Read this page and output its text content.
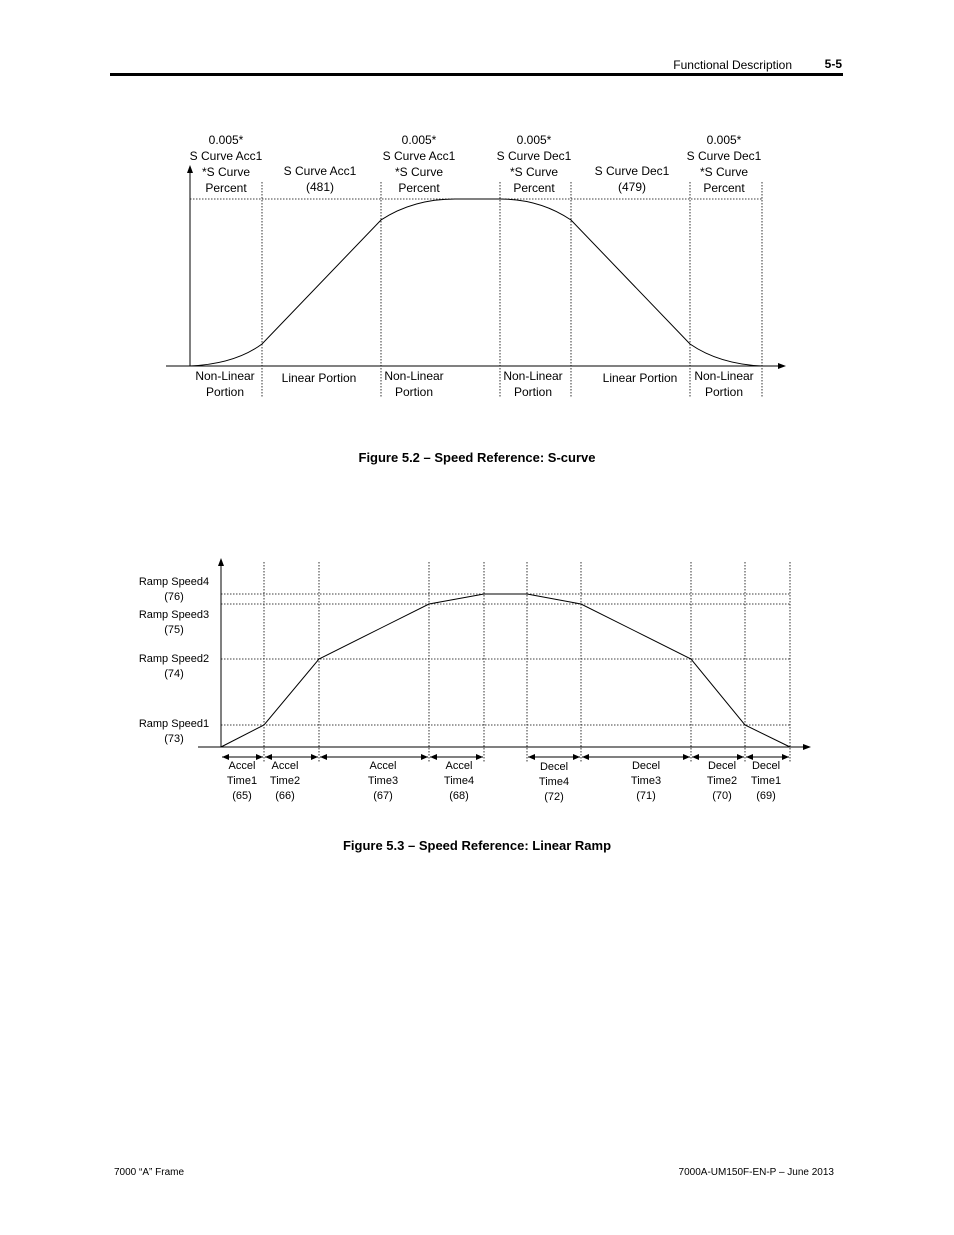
Functional Description	5-5
0.005* S Curve Acc1 *S Curve Percent
S Curve Acc1 (481)
0.005* S Curve Acc1 *S Curve Percent
0.005* S Curve Dec1 *S Curve Percent
S Curve Dec1 (479)
0.005* S Curve Dec1 *S Curve Percent
Non-Linear Portion
Linear Portion Non-Linear Portion
Non-Linear Portion
Linear Portion Non-Linear Portion
Figure 5.2 – Speed Reference: S-curve
Ramp Speed4 (76)
Ramp Speed3 (75)
Ramp Speed2 (74)
Ramp Speed1 (73)
Accel Time1 (65)
Accel Time2 (66)
Accel Time3 (67)
Accel Time4 (68)
Decel Time4 (72)
Decel Time3 (71)
Decel Time2 (70)
Decel Time1 (69)
Figure 5.3 – Speed Reference: Linear Ramp
7000 “A” Frame	7000A-UM150F-EN-P – June 2013
